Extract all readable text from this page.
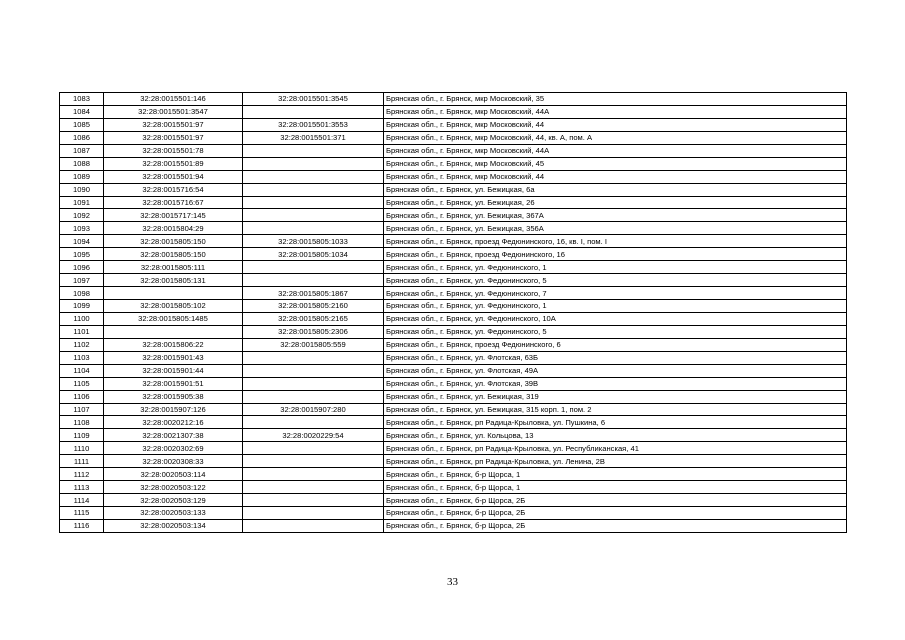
1083	32:28:0015501:146	32:28:0015501:3545	Брянская обл., г. Брянск, мкр Московский, 35
1084	32:28:0015501:3547		Брянская обл., г. Брянск, мкр Московский, 44А
1085	32:28:0015501:97	32:28:0015501:3553	Брянская обл., г. Брянск, мкр Московский, 44
1086	32:28:0015501:97	32:28:0015501:371	Брянская обл., г. Брянск, мкр Московский, 44, кв. А, пом. А
1087	32:28:0015501:78		Брянская обл., г. Брянск, мкр Московский, 44А
1088	32:28:0015501:89		Брянская обл., г. Брянск, мкр Московский, 45
1089	32:28:0015501:94		Брянская обл., г. Брянск, мкр Московский, 44
1090	32:28:0015716:54		Брянская обл., г. Брянск, ул. Бежицкая, 6а
1091	32:28:0015716:67		Брянская обл., г. Брянск, ул. Бежицкая, 26
1092	32:28:0015717:145		Брянская обл., г. Брянск, ул. Бежицкая, 367А
1093	32:28:0015804:29		Брянская обл., г. Брянск, ул. Бежицкая, 356А
1094	32:28:0015805:150	32:28:0015805:1033	Брянская обл., г. Брянск, проезд Федюнинского, 16, кв. I, пом. I
1095	32:28:0015805:150	32:28:0015805:1034	Брянская обл., г. Брянск, проезд Федюнинского, 16
1096	32:28:0015805:111		Брянская обл., г. Брянск, ул. Федюнинского, 1
1097	32:28:0015805:131		Брянская обл., г. Брянск, ул. Федюнинского, 5
1098		32:28:0015805:1867	Брянская обл., г. Брянск, ул. Федюнинского, 7
1099	32:28:0015805:102	32:28:0015805:2160	Брянская обл., г. Брянск, ул. Федюнинского, 1
1100	32:28:0015805:1485	32:28:0015805:2165	Брянская обл., г. Брянск, ул. Федюнинского, 10А
1101		32:28:0015805:2306	Брянская обл., г. Брянск, ул. Федюнинского, 5
1102	32:28:0015806:22	32:28:0015805:559	Брянская обл., г. Брянск, проезд Федюнинского, 6
1103	32:28:0015901:43		Брянская обл., г. Брянск, ул. Флотская, 63Б
1104	32:28:0015901:44		Брянская обл., г. Брянск, ул. Флотская, 49А
1105	32:28:0015901:51		Брянская обл., г. Брянск, ул. Флотская, 39В
1106	32:28:0015905:38		Брянская обл., г. Брянск, ул. Бежицкая, 319
1107	32:28:0015907:126	32:28:0015907:280	Брянская обл., г. Брянск, ул. Бежицкая, 315 корп. 1, пом. 2
1108	32:28:0020212:16		Брянская обл., г. Брянск, рп Радица-Крыловка, ул. Пушкина, 6
1109	32:28:0021307:38	32:28:0020229:54	Брянская обл., г. Брянск, ул. Кольцова, 13
1110	32:28:0020302:69		Брянская обл., г. Брянск, рп Радица-Крыловка, ул. Республиканская, 41
1111	32:28:0020308:33		Брянская обл., г. Брянск, рп Радица-Крыловка, ул. Ленина, 2В
1112	32:28:0020503:114		Брянская обл., г. Брянск, б-р Щорса, 1
1113	32:28:0020503:122		Брянская обл., г. Брянск, б-р Щорса, 1
1114	32:28:0020503:129		Брянская обл., г. Брянск, б-р Щорса, 2Б
1115	32:28:0020503:133		Брянская обл., г. Брянск, б-р Щорса, 2Б
1116	32:28:0020503:134		Брянская обл., г. Брянск, б-р Щорса, 2Б
33
